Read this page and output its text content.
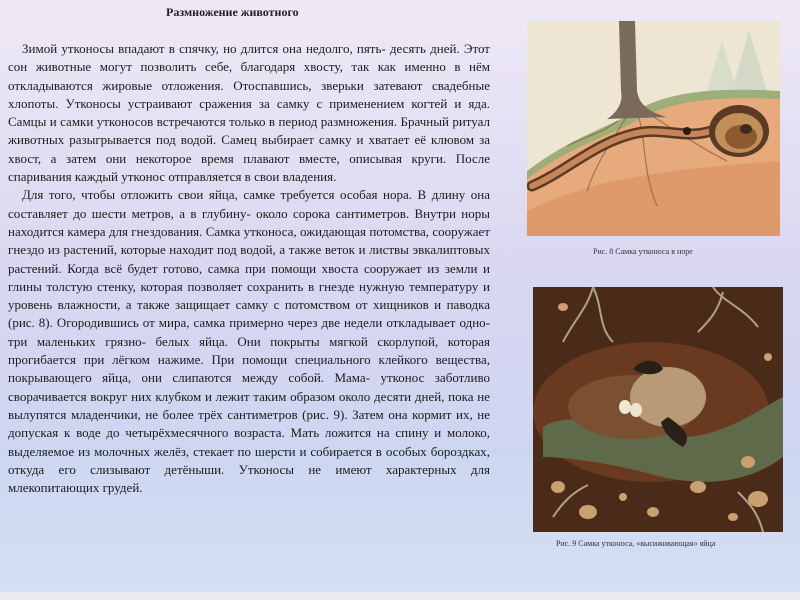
Размножение животного

Зимой утконосы впадают в спячку, но длится она недолго, пять- десять дней. Этот сон животные могут позволить себе, благодаря хвосту, так как именно в нём откладываются жировые отложения. Отоспавшись, зверьки затевают свадебные хлопоты. Утконосы устраивают сражения за самку с применением когтей и яда. Самцы и самки утконосов встречаются только в период размножения. Брачный ритуал животных разыгрывается под водой. Самец выбирает самку и хватает её клювом за хвост, а затем они некоторое время плавают вместе, описывая круги. После спаривания каждый утконос отправляется в свои владения.

Для того, чтобы отложить свои яйца, самке требуется особая нора. В длину она составляет до шести метров, а в глубину- около сорока сантиметров. Внутри норы находится камера для гнездования. Самка утконоса, ожидающая потомства, сооружает гнездо из растений, которые находит под водой, а также веток и листвы эвкалиптовых растений. Когда всё будет готово, самка при помощи хвоста сооружает из земли и глины толстую стенку, которая позволяет сохранить в гнезде нужную температуру и уровень влажности, а также защищает самку с потомством от хищников и паводка (рис. 8). Огородившись от мира, самка примерно через две недели откладывает одно- три маленьких грязно- белых яйца. Они покрыты мягкой скорлупой, которая прогибается при лёгком нажиме. При помощи специального клейкого вещества, покрывающего яйца, они слипаются между собой. Мама- утконос заботливо сворачивается вокруг них клубком и лежит таким образом около десяти дней, пока не вылупятся младенчики, не более трёх сантиметров (рис. 9). Затем она кормит их, не допуская к воде до четырёхмесячного возраста. Мать ложится на спину и молоко, выделяемое из молочных желёз, стекает по шерсти и собирается в особых бороздках, откуда его слизывают детёныши. Утконосы не имеют характерных для млекопитающих грудей.

Рис. 8 Самка утконоса в норе
Рис. 9 Самка утконоса, «высиживающая» яйца
